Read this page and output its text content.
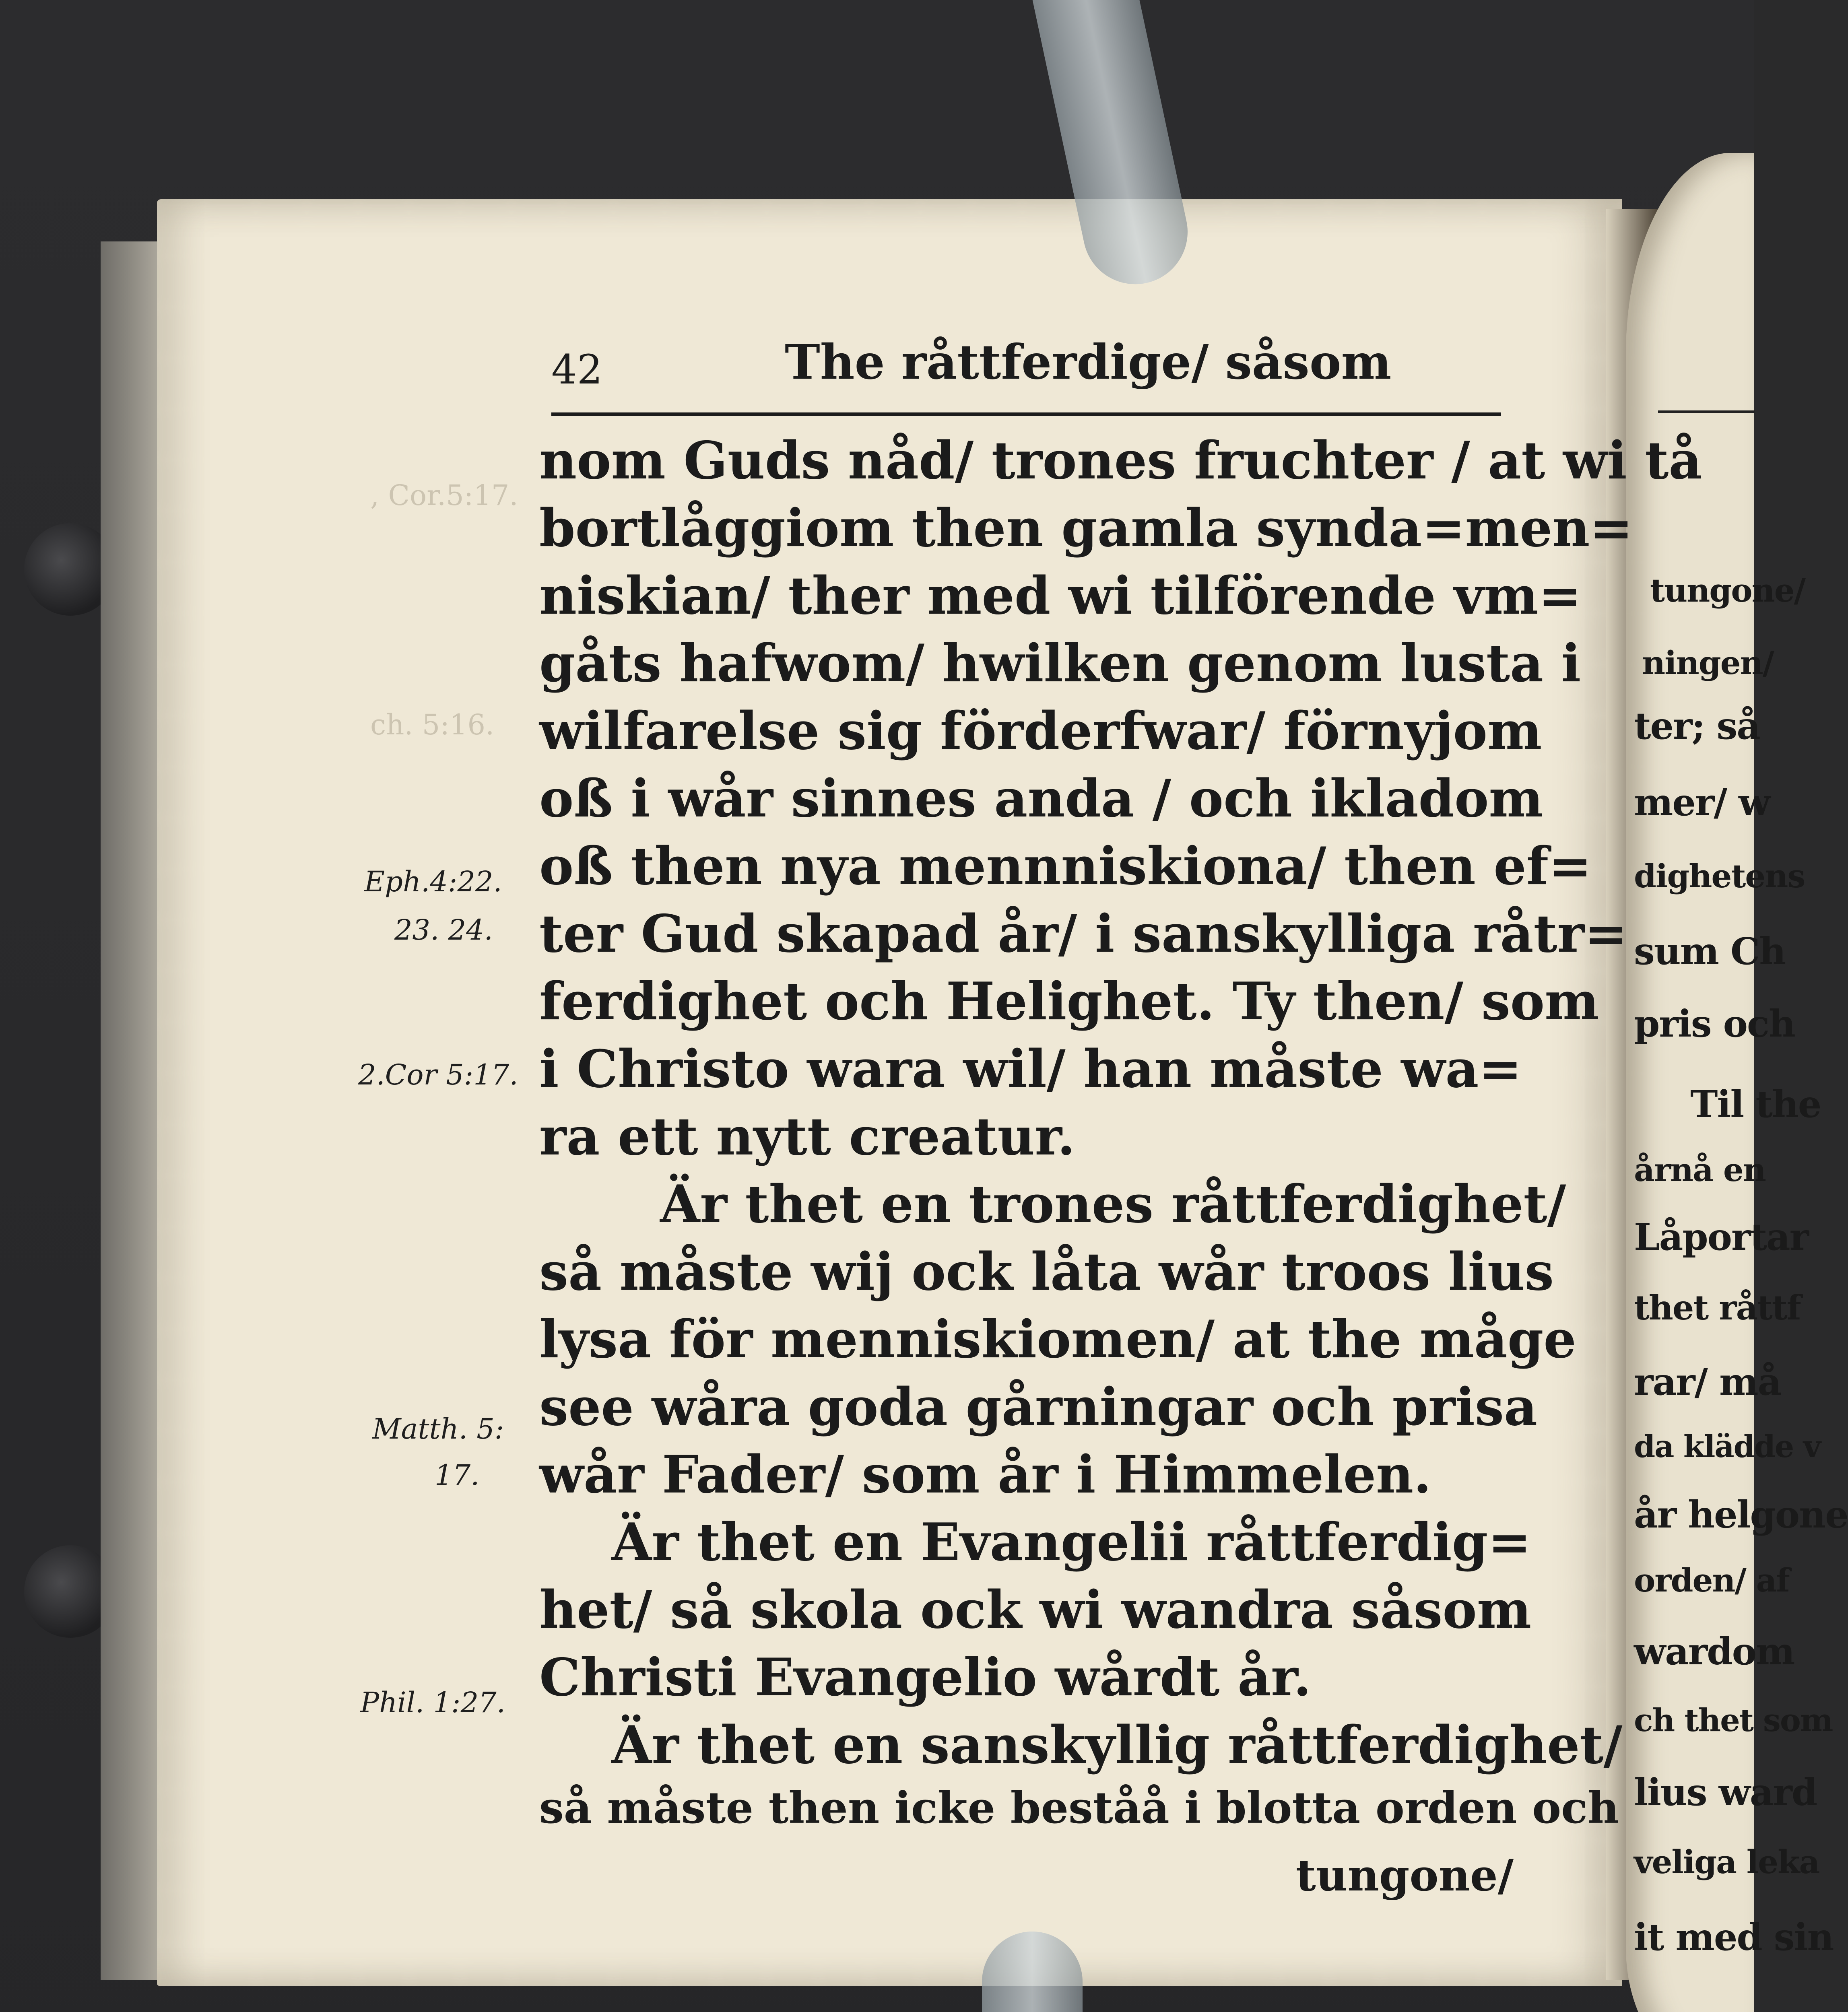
tungone/
ningen/
ter; så
mer/ w
dighetens
sum Ch
pris och
Til the
årnå en
Låportar
thet råttf
rar/ må
da klädde v
år helgone
orden/ af
wardom
ch thet som
lius ward
veliga leka
it med sin
42	The råttferdige/ såsom
, Cor.5:17.
ch. 5:16.
nom Guds nåd/ trones fruchter / at wi tå
bortlåggiom then gamla synda=men=
niskian/ ther med wi tilförende vm=
gåts hafwom/ hwilken genom lusta i
wilfarelse sig förderfwar/ förnyjom
oß i wår sinnes anda / och ikladom
oß then nya mennniskiona/ then ef=
ter Gud skapad år/ i sanskylliga råtr=
ferdighet och Helighet. Ty then/ som
i Christo wara wil/ han måste wa=
ra ett nytt creatur.
Är thet en trones råttferdighet/
så måste wij ock låta wår troos lius
lysa för menniskiomen/ at the måge
see wåra goda gårningar och prisa
wår Fader/ som år i Himmelen.
Är thet en Evangelii råttferdig=
het/ så skola ock wi wandra såsom
Christi Evangelio wårdt år.
Är thet en sanskyllig råttferdighet/
så måste then icke beståå i blotta orden och
tungone/
Eph.4:22.
23. 24.
2.Cor 5:17.
Matth. 5:
17.
Phil. 1:27.
